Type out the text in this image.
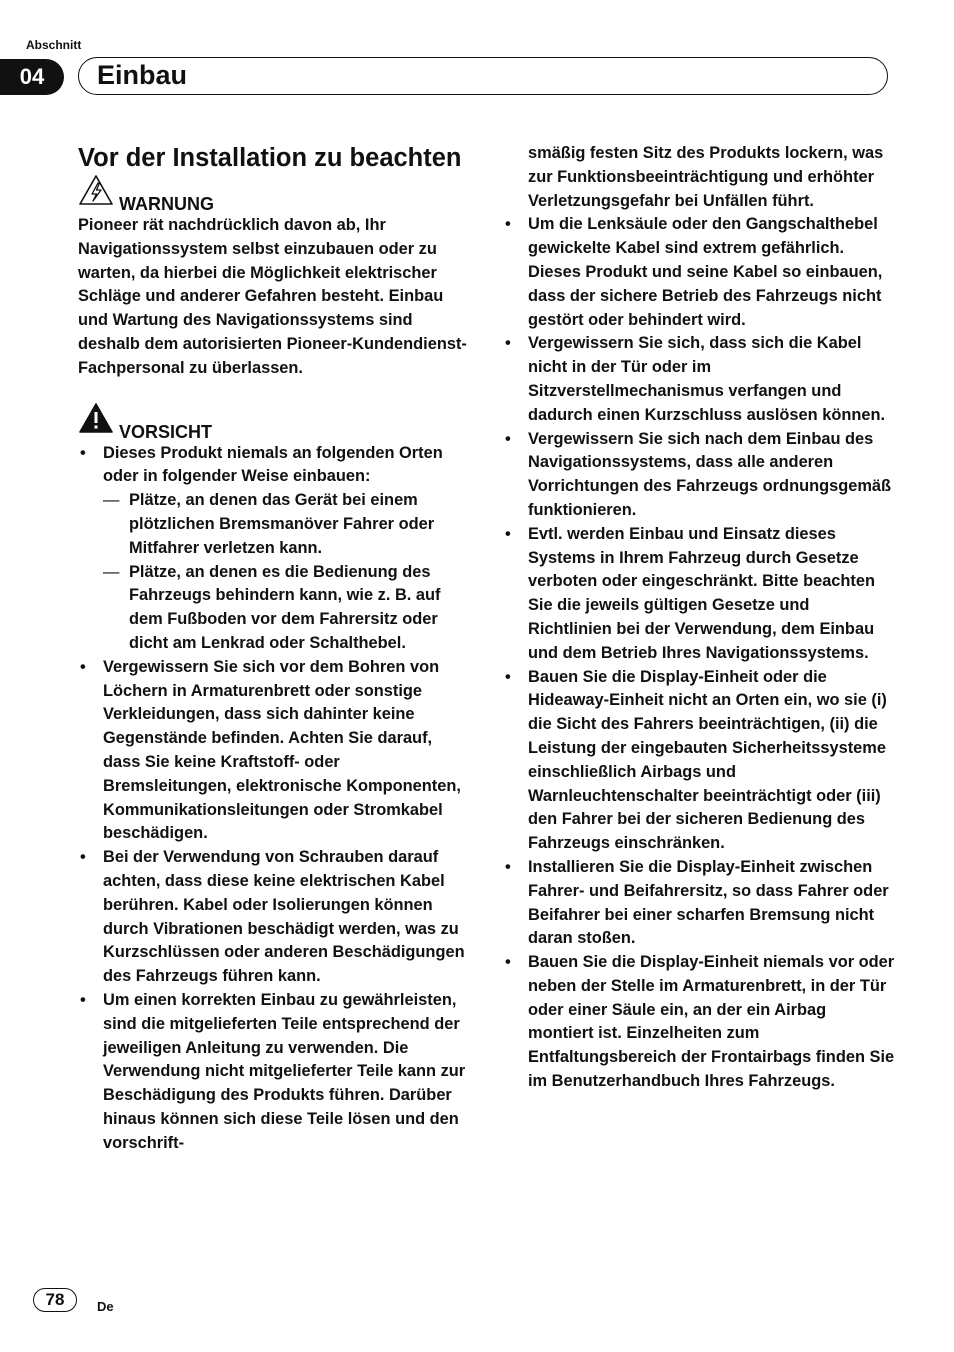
Abschnitt
04	Einbau
Vor der Installation zu beachten
WARNUNG

Pioneer rät nachdrücklich davon ab, Ihr Navigationssystem selbst einzubauen oder zu warten, da hierbei die Möglichkeit elektrischer Schläge und anderer Gefahren besteht. Einbau und Wartung des Navigationssystems sind deshalb dem autorisierten Pioneer-Kundendienst-Fachpersonal zu überlassen.

VORSICHT
• Dieses Produkt niemals an folgenden Orten oder in folgender Weise einbauen:
— Plätze, an denen das Gerät bei einem plötzlichen Bremsmanöver Fahrer oder Mitfahrer verletzen kann.
— Plätze, an denen es die Bedienung des Fahrzeugs behindern kann, wie z. B. auf dem Fußboden vor dem Fahrersitz oder dicht am Lenkrad oder Schalthebel.
• Vergewissern Sie sich vor dem Bohren von Löchern in Armaturenbrett oder sonstige Verkleidungen, dass sich dahinter keine Gegenstände befinden. Achten Sie darauf, dass Sie keine Kraftstoff- oder Bremsleitungen, elektronische Komponenten, Kommunikationsleitungen oder Stromkabel beschädigen.
• Bei der Verwendung von Schrauben darauf achten, dass diese keine elektrischen Kabel berühren. Kabel oder Isolierungen können durch Vibrationen beschädigt werden, was zu Kurzschlüssen oder anderen Beschädigungen des Fahrzeugs führen kann.
• Um einen korrekten Einbau zu gewährleisten, sind die mitgelieferten Teile entsprechend der jeweiligen Anleitung zu verwenden. Die Verwendung nicht mitgelieferter Teile kann zur Beschädigung des Produkts führen. Darüber hinaus können sich diese Teile lösen und den vorschrift-
smäßig festen Sitz des Produkts lockern, was zur Funktionsbeeinträchtigung und erhöhter Verletzungsgefahr bei Unfällen führt.
• Um die Lenksäule oder den Gangschalthebel gewickelte Kabel sind extrem gefährlich. Dieses Produkt und seine Kabel so einbauen, dass der sichere Betrieb des Fahrzeugs nicht gestört oder behindert wird.
• Vergewissern Sie sich, dass sich die Kabel nicht in der Tür oder im Sitzverstellmechanismus verfangen und dadurch einen Kurzschluss auslösen können.
• Vergewissern Sie sich nach dem Einbau des Navigationssystems, dass alle anderen Vorrichtungen des Fahrzeugs ordnungsgemäß funktionieren.
• Evtl. werden Einbau und Einsatz dieses Systems in Ihrem Fahrzeug durch Gesetze verboten oder eingeschränkt. Bitte beachten Sie die jeweils gültigen Gesetze und Richtlinien bei der Verwendung, dem Einbau und dem Betrieb Ihres Navigationssystems.
• Bauen Sie die Display-Einheit oder die Hideaway-Einheit nicht an Orten ein, wo sie (i) die Sicht des Fahrers beeinträchtigen, (ii) die Leistung der eingebauten Sicherheitssysteme einschließlich Airbags und Warnleuchtenschalter beeinträchtigt oder (iii) den Fahrer bei der sicheren Bedienung des Fahrzeugs einschränken.
• Installieren Sie die Display-Einheit zwischen Fahrer- und Beifahrersitz, so dass Fahrer oder Beifahrer bei einer scharfen Bremsung nicht daran stoßen.
• Bauen Sie die Display-Einheit niemals vor oder neben der Stelle im Armaturenbrett, in der Tür oder einer Säule ein, an der ein Airbag montiert ist. Einzelheiten zum Entfaltungsbereich der Frontairbags finden Sie im Benutzerhandbuch Ihres Fahrzeugs.
78	De
